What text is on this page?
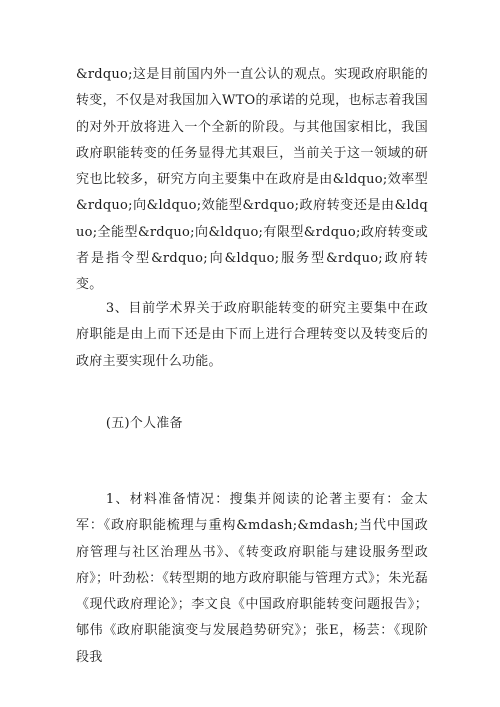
&rdquo;这是目前国内外一直公认的观点。实现政府职能的转变，不仅是对我国加入WTO的承诺的兑现，也标志着我国的对外开放将进入一个全新的阶段。与其他国家相比，我国政府职能转变的任务显得尤其艰巨，当前关于这一领域的研究也比较多，研究方向主要集中在政府是由&ldquo;效率型&rdquo;向&ldquo;效能型&rdquo;政府转变还是由&ldquo;全能型&rdquo;向&ldquo;有限型&rdquo;政府转变或者是指令型&rdquo;向&ldquo;服务型&rdquo;政府转变。

3、目前学术界关于政府职能转变的研究主要集中在政府职能是由上而下还是由下而上进行合理转变以及转变后的政府主要实现什么功能。

(五)个人准备

1、材料准备情况：搜集并阅读的论著主要有：金太军：《政府职能梳理与重构&mdash;&mdash;当代中国政府管理与社区治理丛书》、《转变政府职能与建设服务型政府》；叶劲松：《转型期的地方政府职能与管理方式》；朱光磊《现代政府理论》；李文良《中国政府职能转变问题报告》；郇伟《政府职能演变与发展趋势研究》；张E，杨芸：《现阶段我
